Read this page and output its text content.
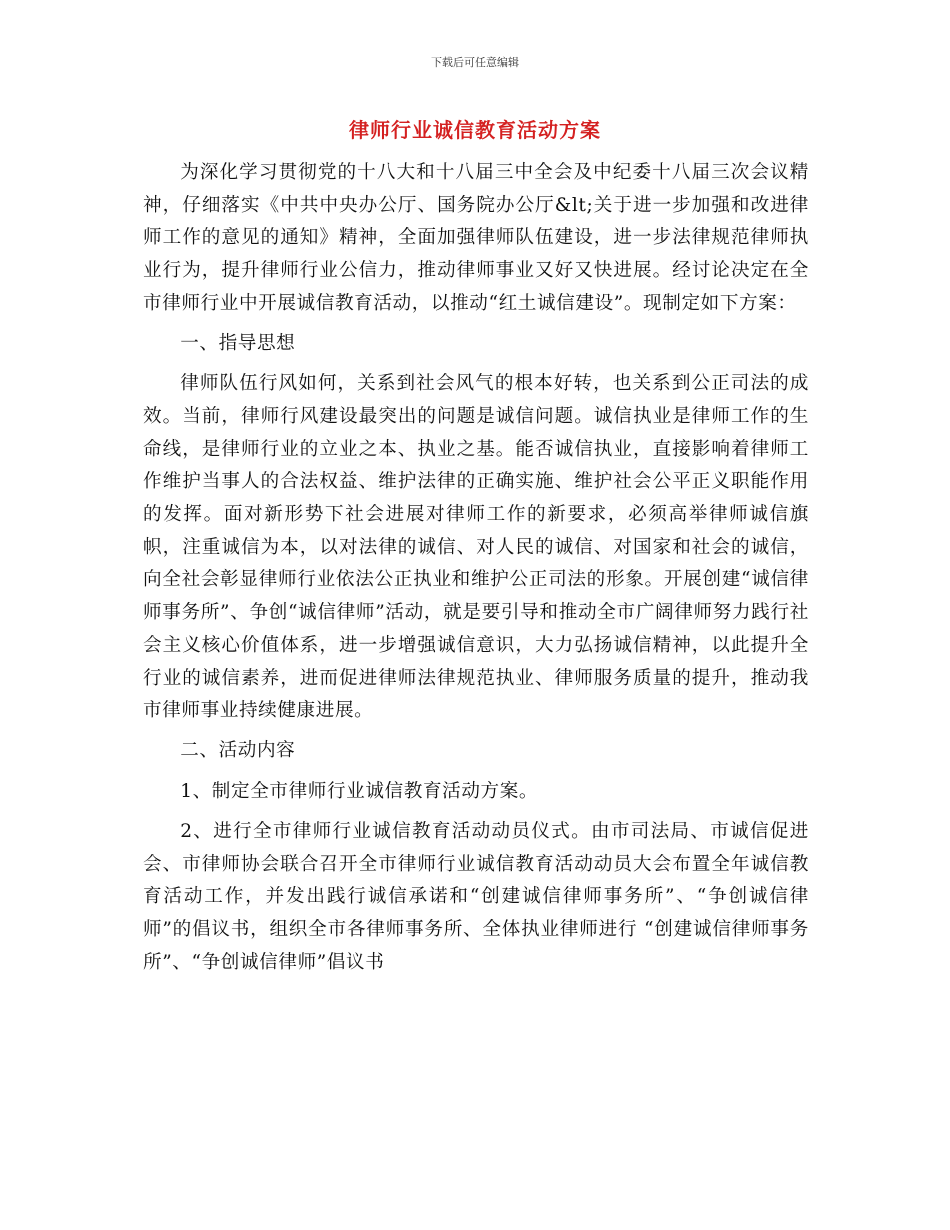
下载后可任意编辑
律师行业诚信教育活动方案

为深化学习贯彻党的十八大和十八届三中全会及中纪委十八届三次会议精神，仔细落实《中共中央办公厅、国务院办公厅&lt;关于进一步加强和改进律师工作的意见的通知》精神，全面加强律师队伍建设，进一步法律规范律师执业行为，提升律师行业公信力，推动律师事业又好又快进展。经讨论决定在全市律师行业中开展诚信教育活动，以推动“红土诚信建设”。现制定如下方案：

一、指导思想

律师队伍行风如何，关系到社会风气的根本好转，也关系到公正司法的成效。当前，律师行风建设最突出的问题是诚信问题。诚信执业是律师工作的生命线，是律师行业的立业之本、执业之基。能否诚信执业，直接影响着律师工作维护当事人的合法权益、维护法律的正确实施、维护社会公平正义职能作用的发挥。面对新形势下社会进展对律师工作的新要求，必须高举律师诚信旗帜，注重诚信为本，以对法律的诚信、对人民的诚信、对国家和社会的诚信，向全社会彰显律师行业依法公正执业和维护公正司法的形象。开展创建“诚信律师事务所”、争创“诚信律师”活动，就是要引导和推动全市广阔律师努力践行社会主义核心价值体系，进一步增强诚信意识，大力弘扬诚信精神，以此提升全行业的诚信素养，进而促进律师法律规范执业、律师服务质量的提升，推动我市律师事业持续健康进展。

二、活动内容

1、制定全市律师行业诚信教育活动方案。

2、进行全市律师行业诚信教育活动动员仪式。由市司法局、市诚信促进会、市律师协会联合召开全市律师行业诚信教育活动动员大会布置全年诚信教育活动工作，并发出践行诚信承诺和“创建诚信律师事务所”、“争创诚信律师”的倡议书，组织全市各律师事务所、全体执业律师进行 “创建诚信律师事务所”、“争创诚信律师”倡议书
